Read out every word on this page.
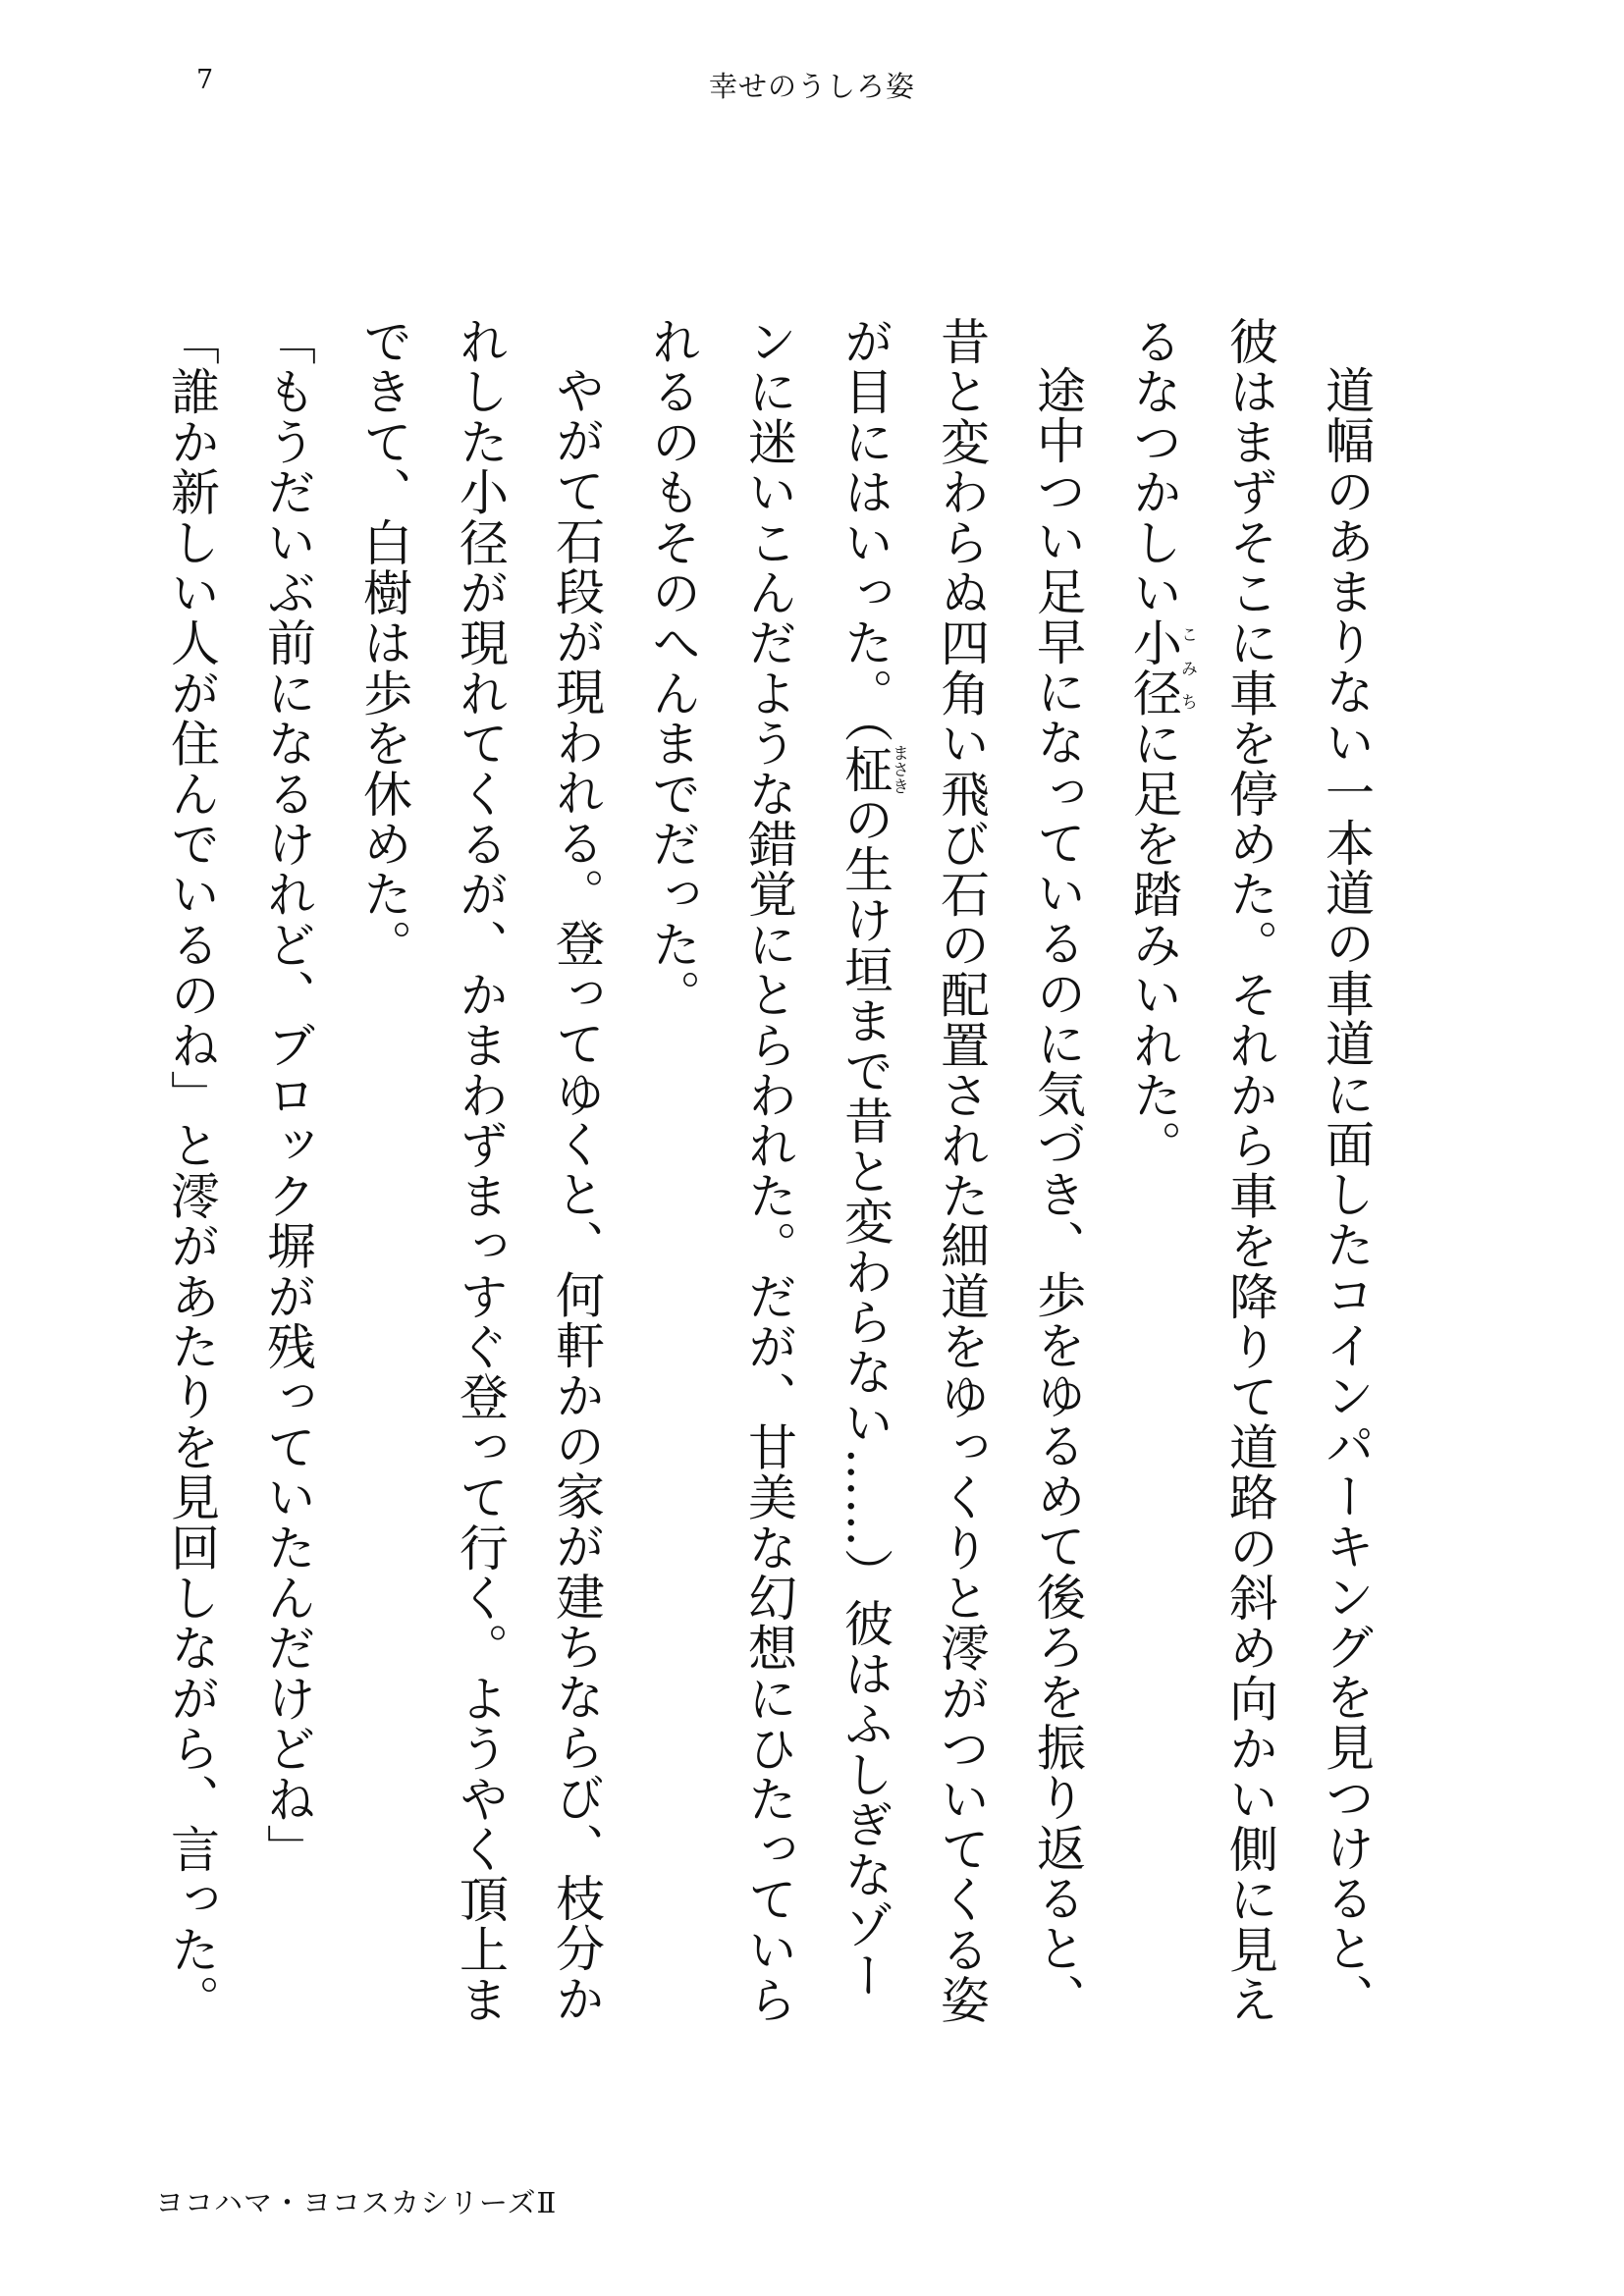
7	幸せのうしろ姿

道幅のあまりない一本道の車道に面したコインパーキングを見つけると、彼はまずそこに車を停めた。それから車を降りて道路の斜め向かい側に見えるなつかしい小径こみちに足を踏みいれた。

途中つい足早になっているのに気づき、歩をゆるめて後ろを振り返ると、昔と変わらぬ四角い飛び石の配置された細道をゆっくりと澪がついてくる姿が目にはいった。（柾まさきの生け垣まで昔と変わらない……）彼はふしぎなゾーンに迷いこんだような錯覚にとらわれた。だが、甘美な幻想にひたっていられるのもそのへんまでだった。

やがて石段が現われる。登ってゆくと、何軒かの家が建ちならび、枝分かれした小径が現れてくるが、かまわずまっすぐ登って行く。ようやく頂上まできて、白樹は歩を休めた。

「もうだいぶ前になるけれど、ブロック塀が残っていたんだけどね」

「誰か新しい人が住んでいるのね」と澪があたりを見回しながら、言った。

ヨコハマ・ヨコスカシリーズⅡ
